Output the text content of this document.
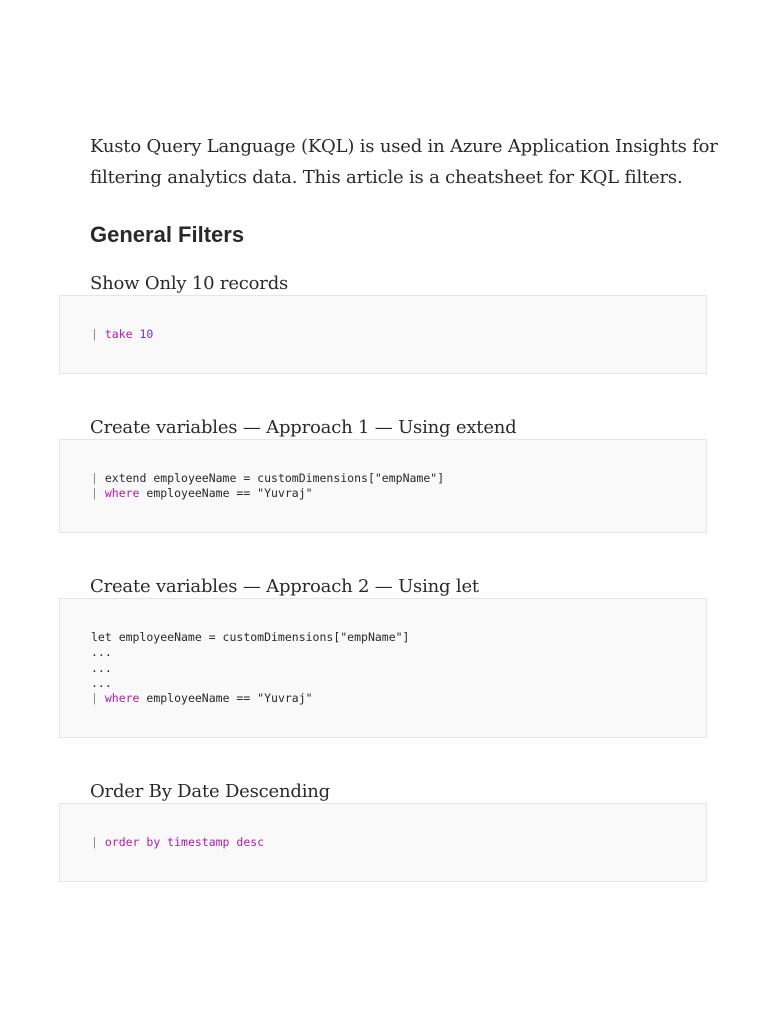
Kusto Query Language (KQL) is used in Azure Application Insights for
filtering analytics data. This article is a cheatsheet for KQL filters.

General Filters

Show Only 10 records

| take 10

Create variables — Approach 1 — Using extend

| extend employeeName = customDimensions["empName"]
| where employeeName == "Yuvraj"

Create variables — Approach 2 — Using let

let employeeName = customDimensions["empName"]
...
...
...
| where employeeName == "Yuvraj"

Order By Date Descending

| order by timestamp desc
